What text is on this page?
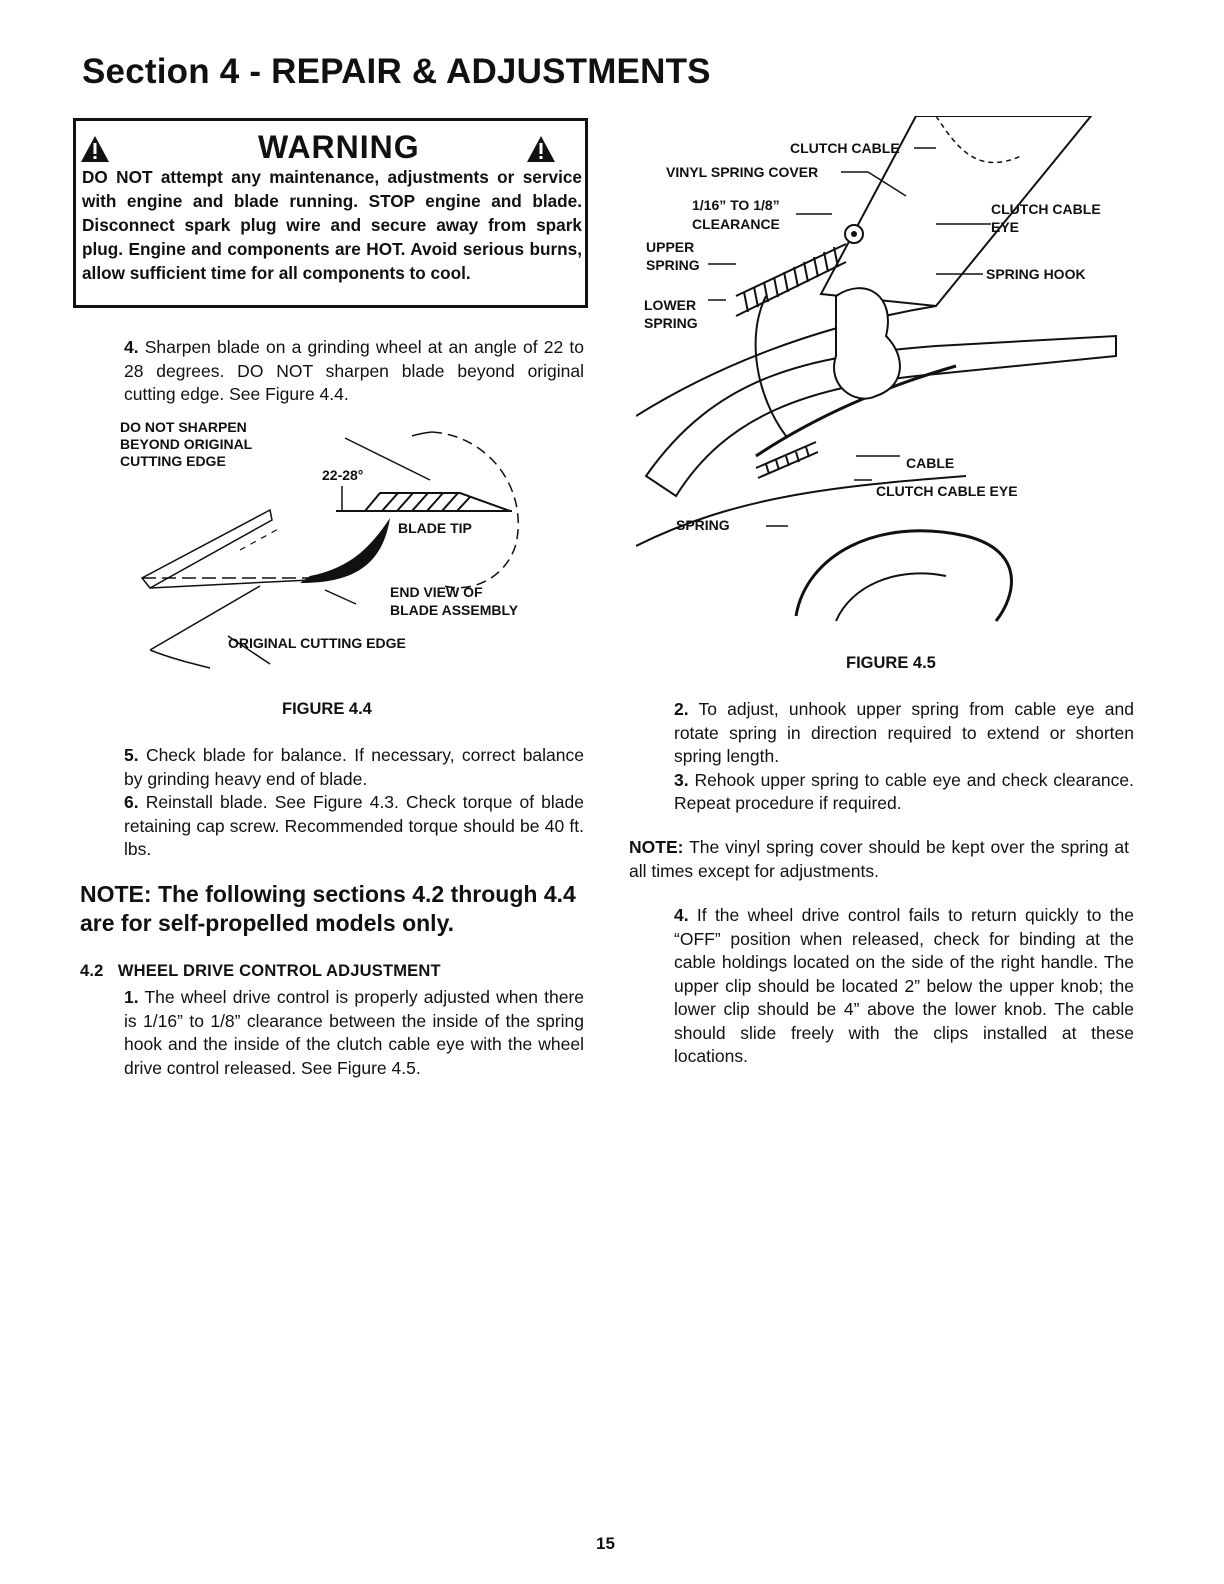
Section 4 - REPAIR & ADJUSTMENTS
WARNING

DO NOT attempt any maintenance, adjustments or service with engine and blade running. STOP engine and blade. Disconnect spark plug wire and secure away from spark plug. Engine and components are HOT. Avoid serious burns, allow sufficient time for all components to cool.

4. Sharpen blade on a grinding wheel at an angle of 22 to 28 degrees. DO NOT sharpen blade beyond original cutting edge. See Figure 4.4.

DO NOT SHARPEN
BEYOND ORIGINAL
CUTTING EDGE
22-28°
BLADE TIP
END VIEW OF
BLADE ASSEMBLY
ORIGINAL CUTTING EDGE
FIGURE 4.4

5. Check blade for balance. If necessary, correct balance by grinding heavy end of blade.

6. Reinstall blade. See Figure 4.3. Check torque of blade retaining cap screw. Recommended torque should be 40 ft. lbs.

NOTE: The following sections 4.2 through 4.4 are for self-propelled models only.
4.2   WHEEL DRIVE CONTROL ADJUSTMENT

1. The wheel drive control is properly adjusted when there is 1/16” to 1/8” clearance between the inside of the spring hook and the inside of the clutch cable eye with the wheel drive control released. See Figure 4.5.

CLUTCH CABLE
VINYL SPRING COVER
1/16” TO 1/8”
CLEARANCE
CLUTCH CABLE
EYE
UPPER
SPRING
SPRING HOOK
LOWER
SPRING
CABLE
CLUTCH CABLE EYE
SPRING
FIGURE 4.5

2. To adjust, unhook upper spring from cable eye and rotate spring in direction required to extend or shorten spring length.

3. Rehook upper spring to cable eye and check clearance. Repeat procedure if required.

NOTE: The vinyl spring cover should be kept over the spring at all times except for adjustments.

4. If the wheel drive control fails to return quickly to the “OFF” position when released, check for binding at the cable holdings located on the side of the right handle. The upper clip should be located 2” below the upper knob; the lower clip should be 4” above the lower knob. The cable should slide freely with the clips installed at these locations.

15
